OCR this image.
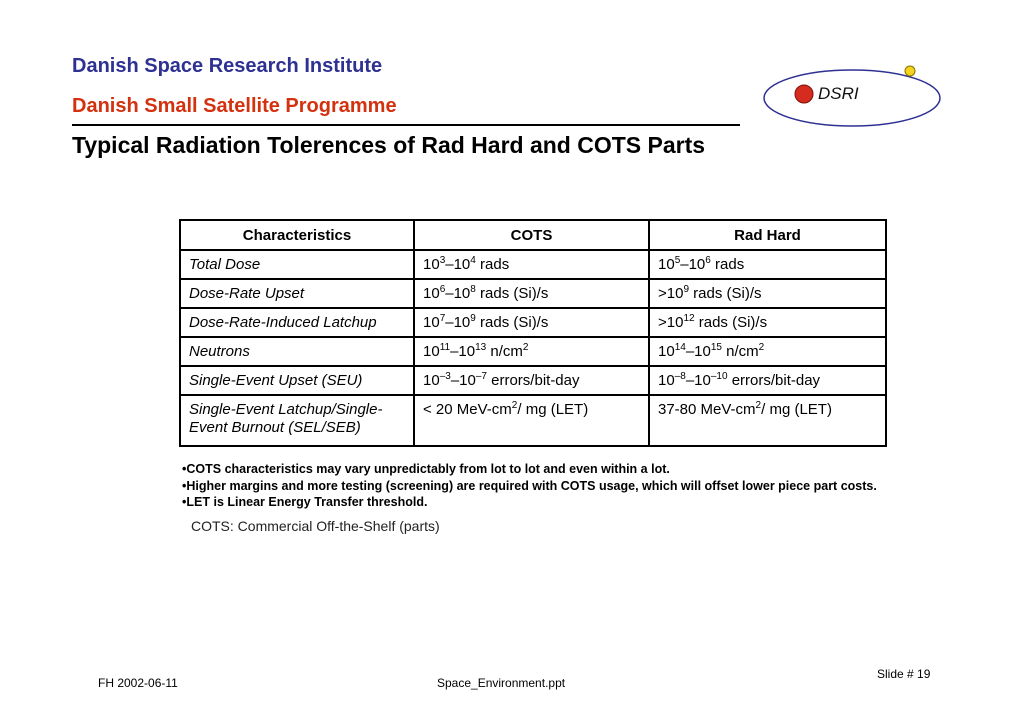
Danish Space Research Institute
Danish Small Satellite Programme
Typical Radiation Tolerences of Rad Hard and COTS Parts
DSRI
Characteristics	COTS	Rad Hard
Total Dose	$10^3-10^4$ rads	$10^5-10^6$ rads
Dose-Rate Upset	$10^6-10^8$ rads (Si)/s	$>10^9$ rads (Si)/s
Dose-Rate-Induced Latchup	$10^7-10^9$ rads (Si)/s	$>10^{12}$ rads (Si)/s
Neutrons	$10^{11}-10^{13}$ $n/cm^2$	$10^{14}-10^{15}$ $n/cm^2$
Single-Event Upset (SEU)	$10^{-3}-10^{-7}$ errors/bit-day	$10^{-8}-10^{-10}$ errors/bit-day
Single-Event Latchup/Single-Event Burnout (SEL/SEB)	< 20 MeV-$cm^2/$ mg (LET)	37-80 MeV-$cm^2/$ mg (LET)
• COTS characteristics may vary unpredictably from lot to lot and even within a lot.
• Higher margins and more testing (screening) are required with COTS usage, which will offset lower piece part costs.
• LET is Linear Energy Transfer threshold.
COTS: Commercial Off-the-Shelf (parts)
FH 2002-06-11	Space_Environment.ppt
Slide # 19
